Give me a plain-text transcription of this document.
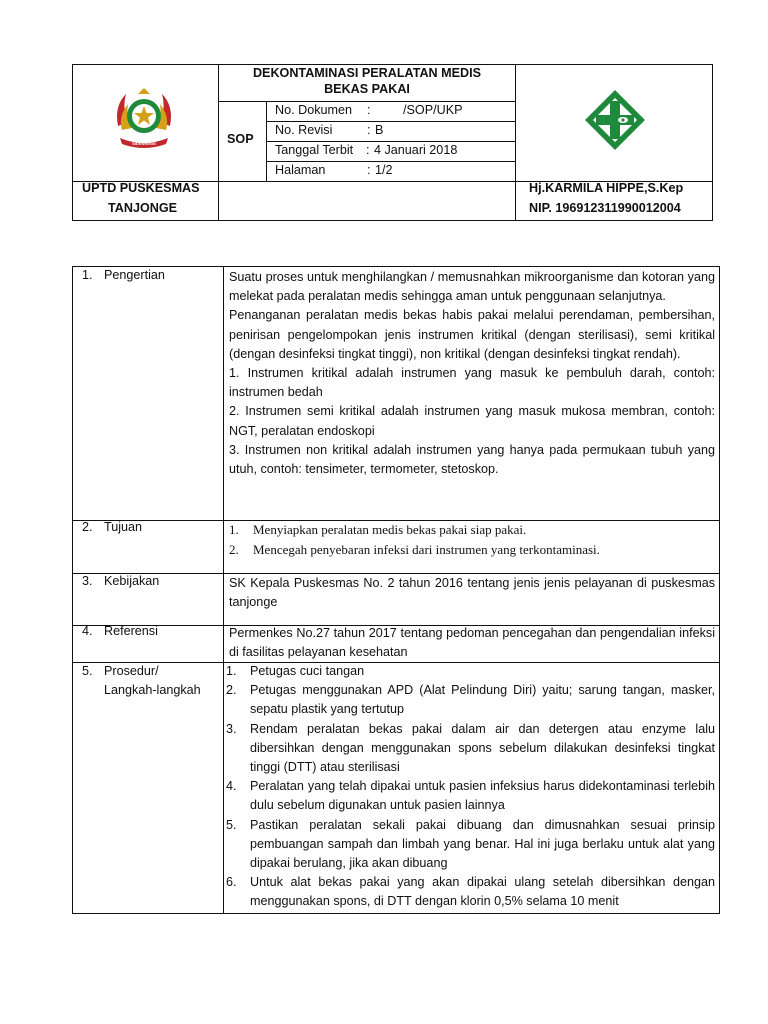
SIDENRENG
DEKONTAMINASI PERALATAN MEDIS
BEKAS PAKAI
SOP
No. Dokumen :	/SOP/UKP
No. Revisi	: B
Tanggal Terbit : 4 Januari 2018
Halaman	: 1/2
UPTD PUSKESMAS
TANJONGE
Hj.KARMILA HIPPE,S.Kep
NIP. 196912311990012004
1. Pengertian	Suatu proses untuk menghilangkan / memusnahkan mikroorganisme dan kotoran yang melekat pada peralatan medis sehingga aman untuk penggunaan selanjutnya.

Penanganan peralatan medis bekas habis pakai melalui perendaman, pembersihan, penirisan pengelompokan jenis instrumen kritikal (dengan sterilisasi), semi kritikal (dengan desinfeksi tingkat tinggi), non kritikal (dengan desinfeksi tingkat rendah).

1. Instrumen kritikal adalah instrumen yang masuk ke pembuluh darah, contoh: instrumen bedah

2. Instrumen semi kritikal adalah instrumen yang masuk mukosa membran, contoh: NGT, peralatan endoskopi

3. Instrumen non kritikal adalah instrumen yang hanya pada permukaan tubuh yang utuh, contoh: tensimeter, termometer, stetoskop.

2. Tujuan	1. Menyiapkan peralatan medis bekas pakai siap pakai.
2. Mencegah penyebaran infeksi dari instrumen yang terkontaminasi.
3. Kebijakan	SK Kepala Puskesmas No. 2 tahun 2016 tentang jenis jenis pelayanan di puskesmas tanjonge

4. Referensi	Permenkes No.27 tahun 2017 tentang pedoman pencegahan dan pengendalian infeksi di fasilitas pelayanan kesehatan

5. Prosedur/
Langkah-langkah
1. Petugas cuci tangan
2. Petugas menggunakan APD (Alat Pelindung Diri) yaitu; sarung tangan, masker, sepatu plastik yang tertutup
3. Rendam peralatan bekas pakai dalam air dan detergen atau enzyme lalu dibersihkan dengan menggunakan spons sebelum dilakukan desinfeksi tingkat tinggi (DTT) atau sterilisasi
4. Peralatan yang telah dipakai untuk pasien infeksius harus didekontaminasi terlebih dulu sebelum digunakan untuk pasien lainnya
5. Pastikan peralatan sekali pakai dibuang dan dimusnahkan sesuai prinsip pembuangan sampah dan limbah yang benar. Hal ini juga berlaku untuk alat yang dipakai berulang, jika akan dibuang
6. Untuk alat bekas pakai yang akan dipakai ulang setelah dibersihkan dengan menggunakan spons, di DTT dengan klorin 0,5% selama 10 menit
